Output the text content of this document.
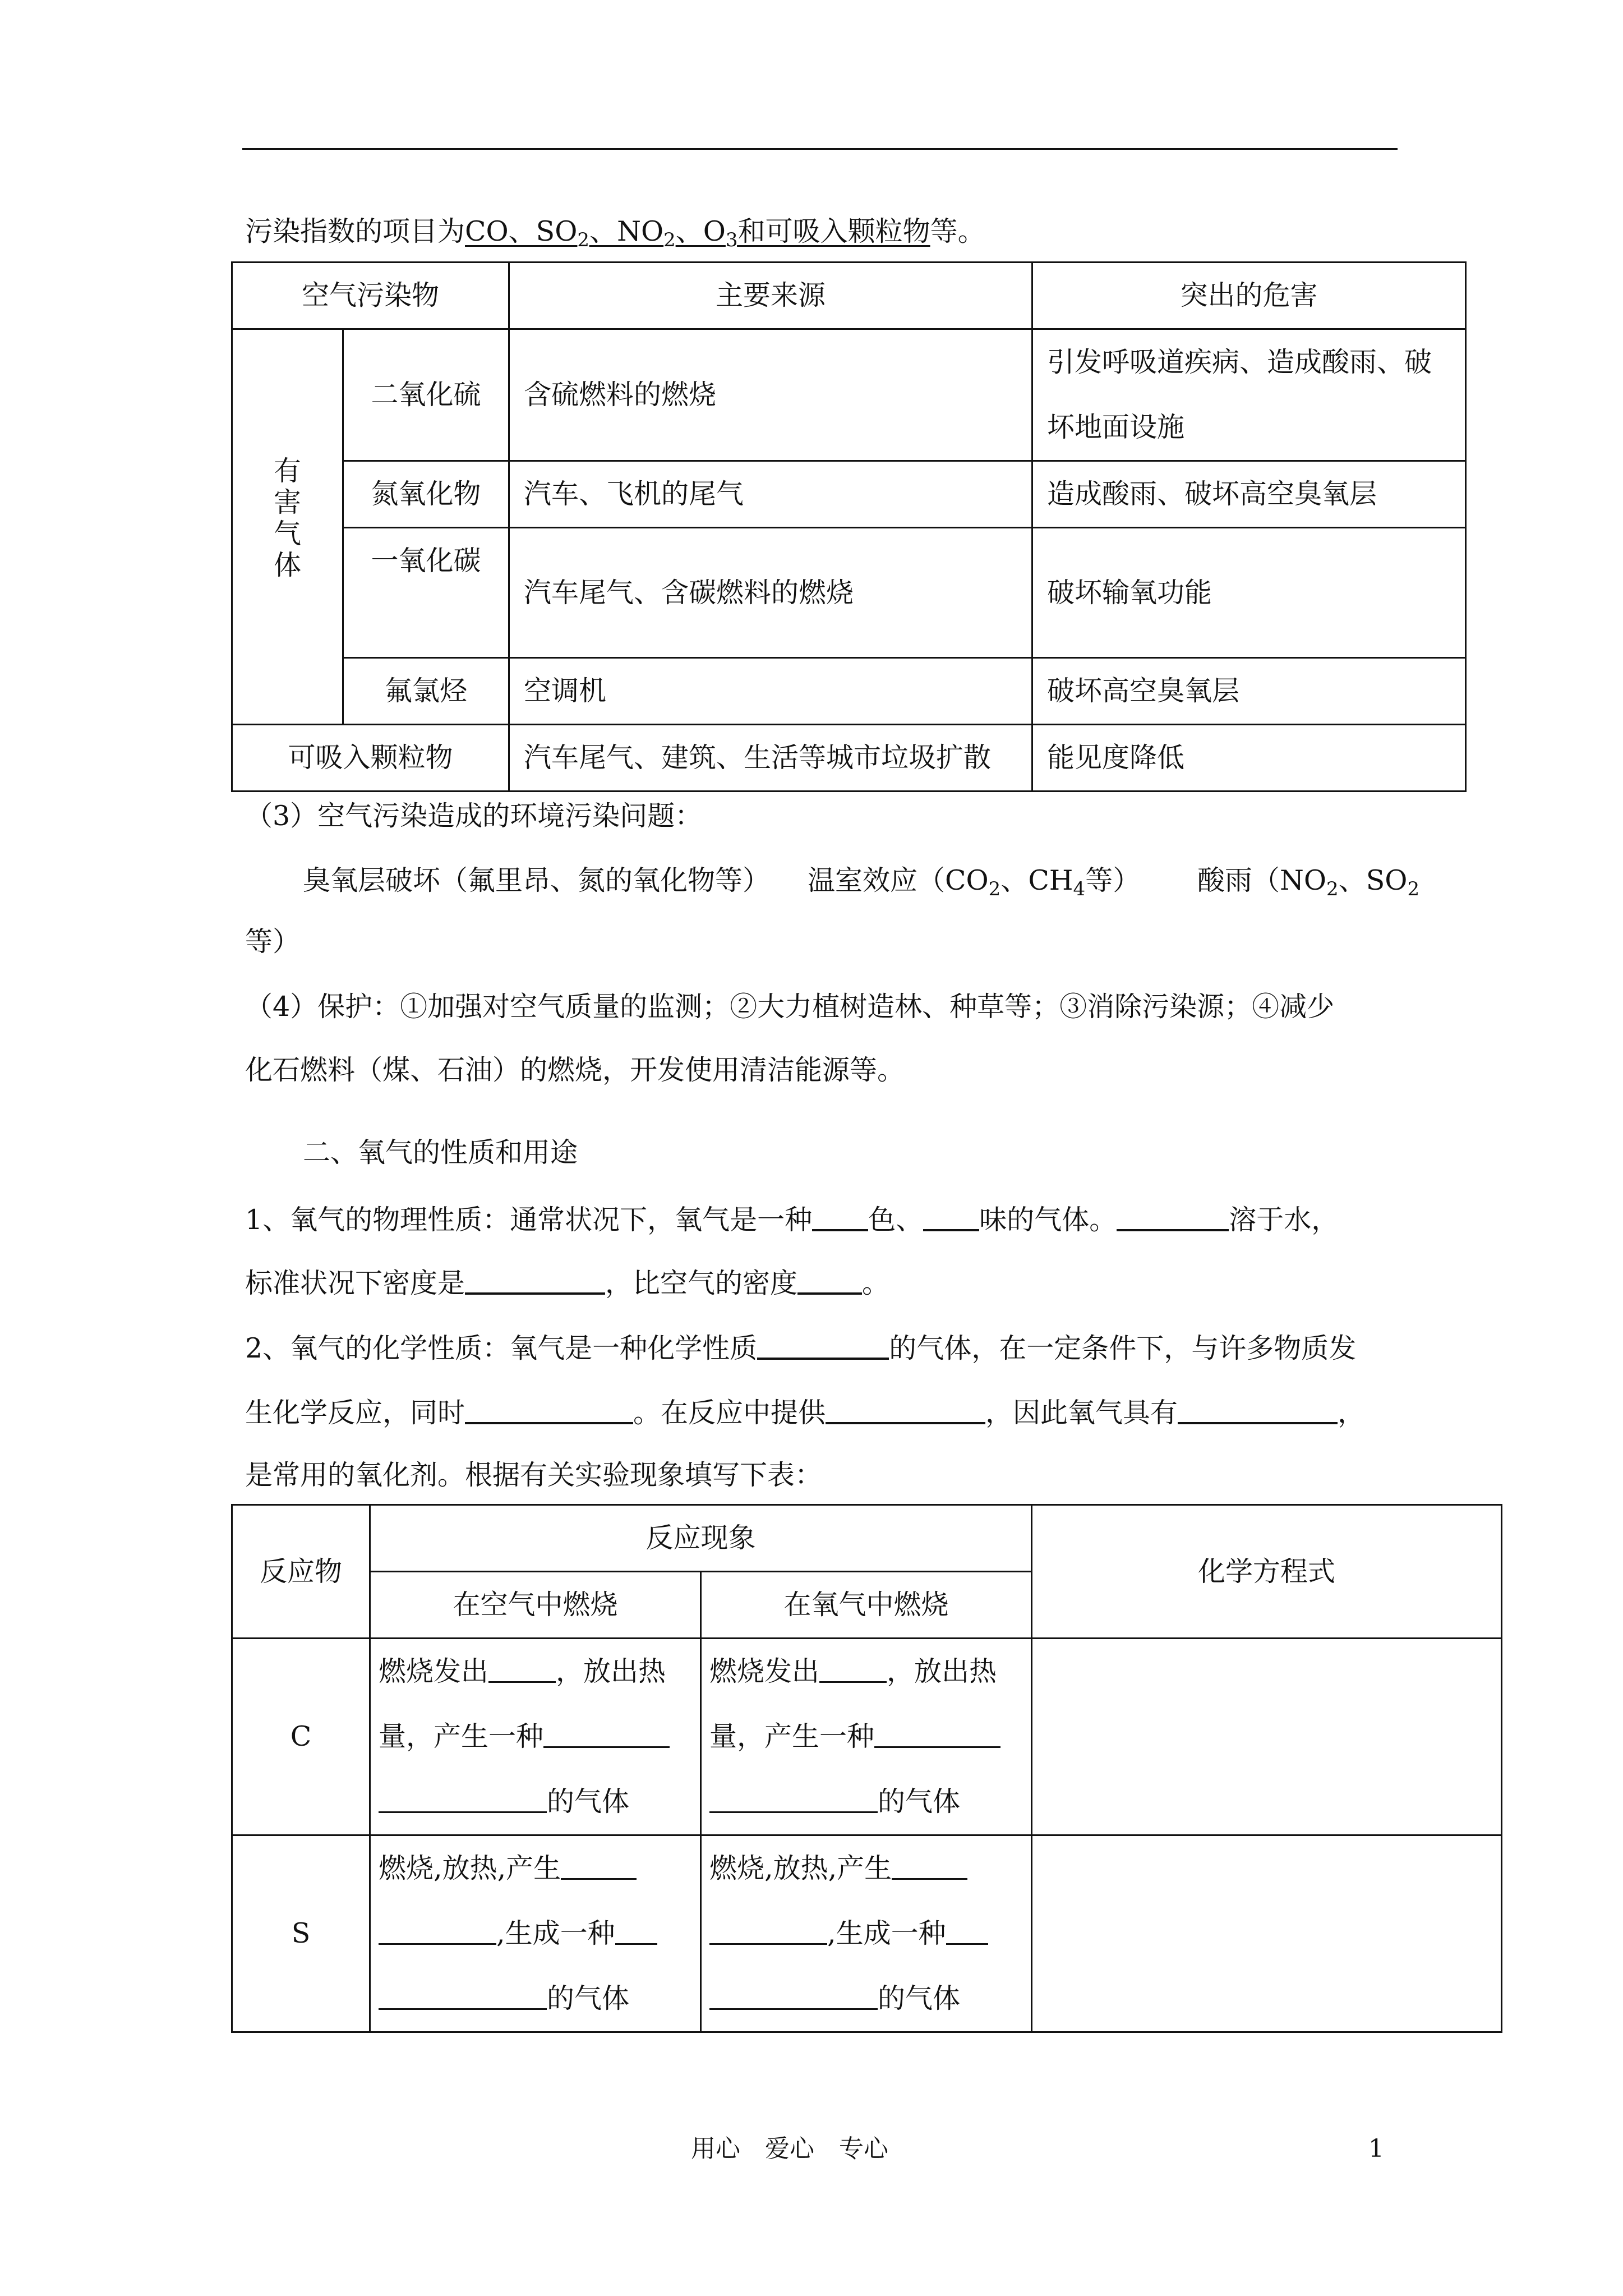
污染指数的项目为CO、$SO_2$、$NO_2$、$O_3$和可吸入颗粒物等。
空气污染物		主要来源	突出的危害
有害气体	二氧化硫	含硫燃料的燃烧	引发呼吸道疾病、造成酸雨、破
坏地面设施

	氮氧化物	汽车、飞机的尾气	造成酸雨、破坏高空臭氧层
	一氧化碳	汽车尾气、含碳燃料的燃烧	破坏输氧功能
	氟氯烃	空调机	破坏高空臭氧层
可吸入颗粒物		汽车尾气、建筑、生活等城市垃圾扩散	能见度降低
（3）空气污染造成的环境污染问题：
臭氧层破坏（氟里昂、氮的氧化物等） 温室效应（$CO_2$、$CH_4$等） 酸雨（$NO_2$、$SO_2$
等）
（4）保护：①加强对空气质量的监测；②大力植树造林、种草等；③消除污染源；④减少
化石燃料（煤、石油）的燃烧，开发使用清洁能源等。
二、氧气的性质和用途
1、氧气的物理性质：通常状况下，氧气是一种 色、 味的气体。	溶于水，
标准状况下密度是	，比空气的密度 。
2、氧气的化学性质：氧气是一种化学性质	的气体，在一定条件下，与许多物质发
生化学反应，同时	。在反应中提供	，因此氧气具有	，
是常用的氧化剂。根据有关实验现象填写下表：
反应物	反应现象		化学方程式
	在空气中燃烧	在氧气中燃烧	
C	燃烧发出 ，放出热
量，产生一种
的气体	燃烧发出 ，放出热
量，产生一种
的气体	

S	燃烧,放热,产生
,生成一种
的气体	燃烧,放热,产生
,生成一种
的气体	

用心　爱心　专心	1
